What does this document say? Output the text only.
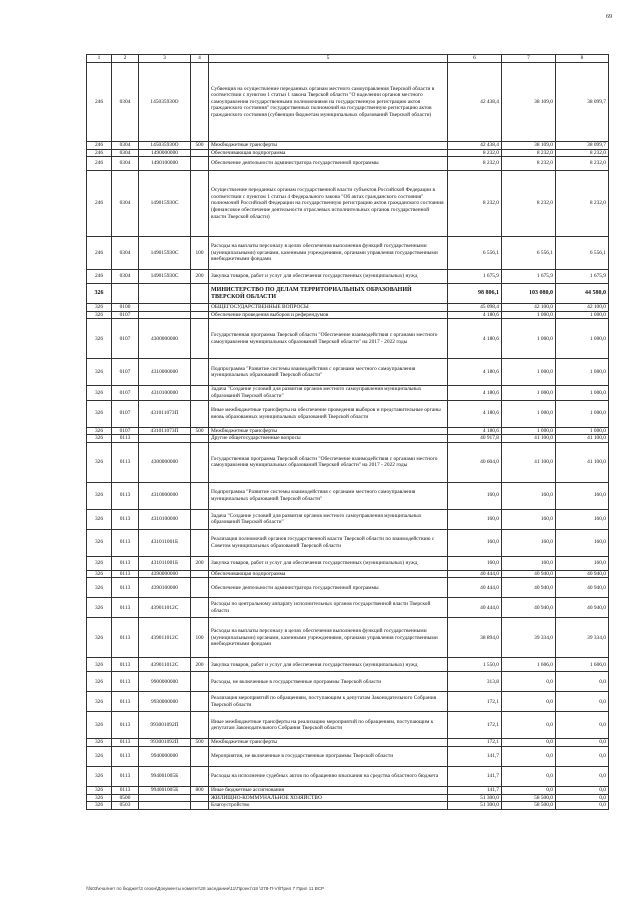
69
1	2	3	4	5	6	7	8
246	0304	145035930О		Субвенция на осуществление переданных органам местного самоуправления Тверской области в соответствии с пунктом 1 статьи 1 закона Тверской области "О наделении органов местного самоуправления государственными полномочиями на государственную регистрацию актов гражданского состояния" государственных полномочий на государственную регистрацию актов гражданского состояния (субвенции бюджетам муниципальных образований Тверской области)	42 438,4	38 109,0	38 099,7
246	0304	145035930О	500	Межбюджетные трансферты	42 438,4	38 109,0	38 099,7
246	0304	1490000000		Обеспечивающая подпрограмма	8 232,0	8 232,0	8 232,0
246	0304	1490100000		Обеспечение деятельности администратора государственной программы	8 232,0	8 232,0	8 232,0
246	0304	149015930С		Осуществление переданных органам государственной власти субъектов Российской Федерации в соответствии с пунктом 1 статьи 4 Федерального закона "Об актах гражданского состояния" полномочий Российской Федерации на государственную регистрацию актов гражданского состояния (финансовое обеспечение деятельности отраслевых исполнительных органов государственной власти Тверской области)	8 232,0	8 232,0	8 232,0
246	0304	149015930С	100	Расходы на выплаты персоналу в целях обеспечения выполнения функций государственными (муниципальными) органами, казенными учреждениями, органами управления государственными внебюджетными фондами	6 556,1	6 556,1	6 556,1
246	0304	149015930С	200	Закупка товаров, работ и услуг для обеспечения государственных (муниципальных) нужд	1 675,9	1 675,9	1 675,9
326				МИНИСТЕРСТВО ПО ДЕЛАМ ТЕРРИТОРИАЛЬНЫХ ОБРАЗОВАНИЙ ТВЕРСКОЙ ОБЛАСТИ	98 806,1	103 080,0	44 580,0
326	0100			ОБЩЕГОСУДАРСТВЕННЫЕ ВОПРОСЫ	45 098,4	42 100,0	42 100,0
326	0107			Обеспечение проведения выборов и референдумов	4 180,6	1 000,0	1 000,0
326	0107	4300000000		Государственная программа Тверской области "Обеспечение взаимодействия с органами местного самоуправления муниципальных образований Тверской области" на 2017 - 2022 годы	4 180,6	1 000,0	1 000,0
326	0107	4310000000		Подпрограмма "Развитие системы взаимодействия с органами местного самоуправления муниципальных образований Тверской области"	4 180,6	1 000,0	1 000,0
326	0107	4310100000		Задача "Создание условий для развития органов местного самоуправления муниципальных образований Тверской области"	4 180,6	1 000,0	1 000,0
326	0107	431011073П		Иные межбюджетные трансферты на обеспечение проведения выборов и представительные органы вновь образованных муниципальных образований Тверской области	4 180,6	1 000,0	1 000,0
326	0107	431011073П	500	Межбюджетные трансферты	4 180,6	1 000,0	1 000,0
326	0113			Другие общегосударственные вопросы	40 917,8	41 100,0	41 100,0
326	0113	4300000000		Государственная программа Тверской области "Обеспечение взаимодействия с органами местного самоуправления муниципальных образований Тверской области" на 2017 - 2022 годы	40 604,0	41 100,0	41 100,0
326	0113	4310000000		Подпрограмма "Развитие системы взаимодействия с органами местного самоуправления муниципальных образований Тверской области"	160,0	160,0	160,0
326	0113	4310100000		Задача "Создание условий для развития органов местного самоуправления муниципальных образований Тверской области"	160,0	160,0	160,0
326	0113	431011001Б		Реализация полномочий органов государственной власти Тверской области по взаимодействию с Советом муниципальных образований Тверской области	160,0	160,0	160,0
326	0113	431011001Б	200	Закупка товаров, работ и услуг для обеспечения государственных (муниципальных) нужд	160,0	160,0	160,0
326	0113	4390000000		Обеспечивающая подпрограмма	40 444,0	40 940,0	40 940,0
326	0113	4390100000		Обеспечение деятельности администратора государственной программы	40 444,0	40 940,0	40 940,0
326	0113	439011012С		Расходы по центральному аппарату исполнительных органов государственной власти Тверской области	40 444,0	40 940,0	40 940,0
326	0113	439011012С	100	Расходы на выплаты персоналу в целях обеспечения выполнения функций государственными (муниципальными) органами, казенными учреждениями, органами управления государственными внебюджетными фондами	38 894,0	39 334,0	39 334,0
326	0113	439011012С	200	Закупка товаров, работ и услуг для обеспечения государственных (муниципальных) нужд	1 550,0	1 606,0	1 606,0
326	0113	9900000000		Расходы, не включенные в государственные программы Тверской области	313,8	0,0	0,0
326	0113	9930000000		Реализация мероприятий по обращениям, поступающим к депутатам Законодательного Собрания Тверской области	172,1	0,0	0,0
326	0113	993001092П		Иные межбюджетные трансферты на реализацию мероприятий по обращениям, поступающим к депутатам Законодательного Собрания Тверской области	172,1	0,0	0,0
326	0113	993001092П	500	Межбюджетные трансферты	172,1	0,0	0,0
326	0113	9940000000		Мероприятия, не включенные в государственные программы Тверской области	141,7	0,0	0,0
326	0113	994001005Б		Расходы на исполнение судебных актов по обращению взыскания на средства областного бюджета	141,7	0,0	0,0
326	0113	994001005Б	800	Иные бюджетные ассигнования	141,7	0,0	0,0
326	0500			ЖИЛИЩНО-КОММУНАЛЬНОЕ ХОЗЯЙСТВО	51 300,0	58 500,0	0,0
326	0503			Благоустройство	51 300,0	58 500,0	0,0
\\fs03\кчалнет по бюджет\3 сезон\Документы комитет\28 заседание\11\Проект\18 \378-П-VI\Прил 7 Прил 11 ВСР
